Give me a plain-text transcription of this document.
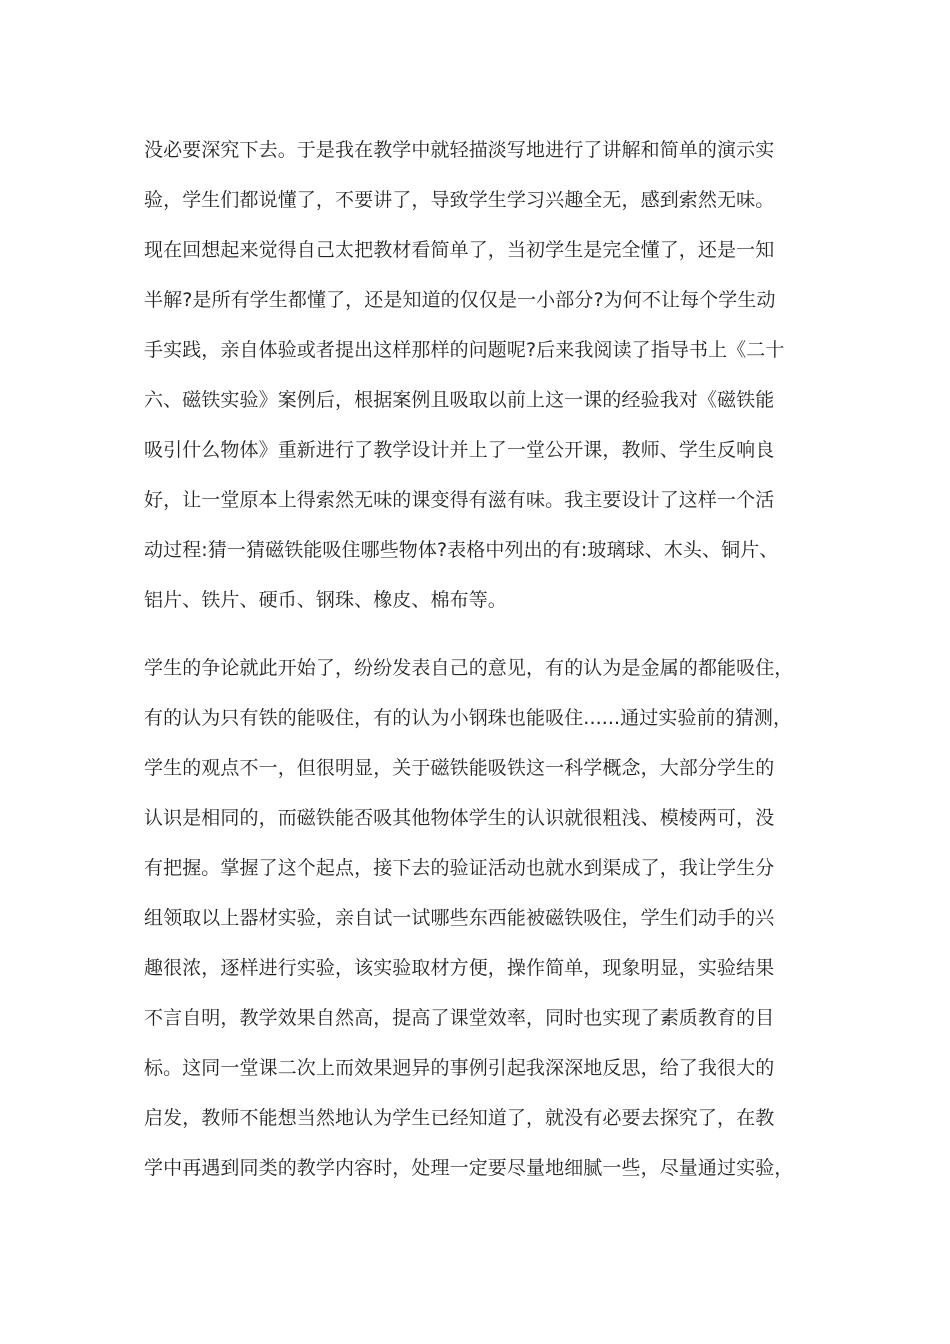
没必要深究下去。于是我在教学中就轻描淡写地进行了讲解和简单的演示实
验，学生们都说懂了，不要讲了，导致学生学习兴趣全无，感到索然无味。
现在回想起来觉得自己太把教材看简单了，当初学生是完全懂了，还是一知
半解?是所有学生都懂了，还是知道的仅仅是一小部分?为何不让每个学生动
手实践，亲自体验或者提出这样那样的问题呢?后来我阅读了指导书上《二十
六、磁铁实验》案例后，根据案例且吸取以前上这一课的经验我对《磁铁能
吸引什么物体》重新进行了教学设计并上了一堂公开课，教师、学生反响良
好，让一堂原本上得索然无味的课变得有滋有味。我主要设计了这样一个活
动过程:猜一猜磁铁能吸住哪些物体?表格中列出的有:玻璃球、木头、铜片、
铝片、铁片、硬币、钢珠、橡皮、棉布等。
学生的争论就此开始了，纷纷发表自己的意见，有的认为是金属的都能吸住，
有的认为只有铁的能吸住，有的认为小钢珠也能吸住......通过实验前的猜测，
学生的观点不一，但很明显，关于磁铁能吸铁这一科学概念，大部分学生的
认识是相同的，而磁铁能否吸其他物体学生的认识就很粗浅、模棱两可，没
有把握。掌握了这个起点，接下去的验证活动也就水到渠成了，我让学生分
组领取以上器材实验，亲自试一试哪些东西能被磁铁吸住，学生们动手的兴
趣很浓，逐样进行实验，该实验取材方便，操作简单，现象明显，实验结果
不言自明，教学效果自然高，提高了课堂效率，同时也实现了素质教育的目
标。这同一堂课二次上而效果迥异的事例引起我深深地反思，给了我很大的
启发，教师不能想当然地认为学生已经知道了，就没有必要去探究了，在教
学中再遇到同类的教学内容时，处理一定要尽量地细腻一些，尽量通过实验，
